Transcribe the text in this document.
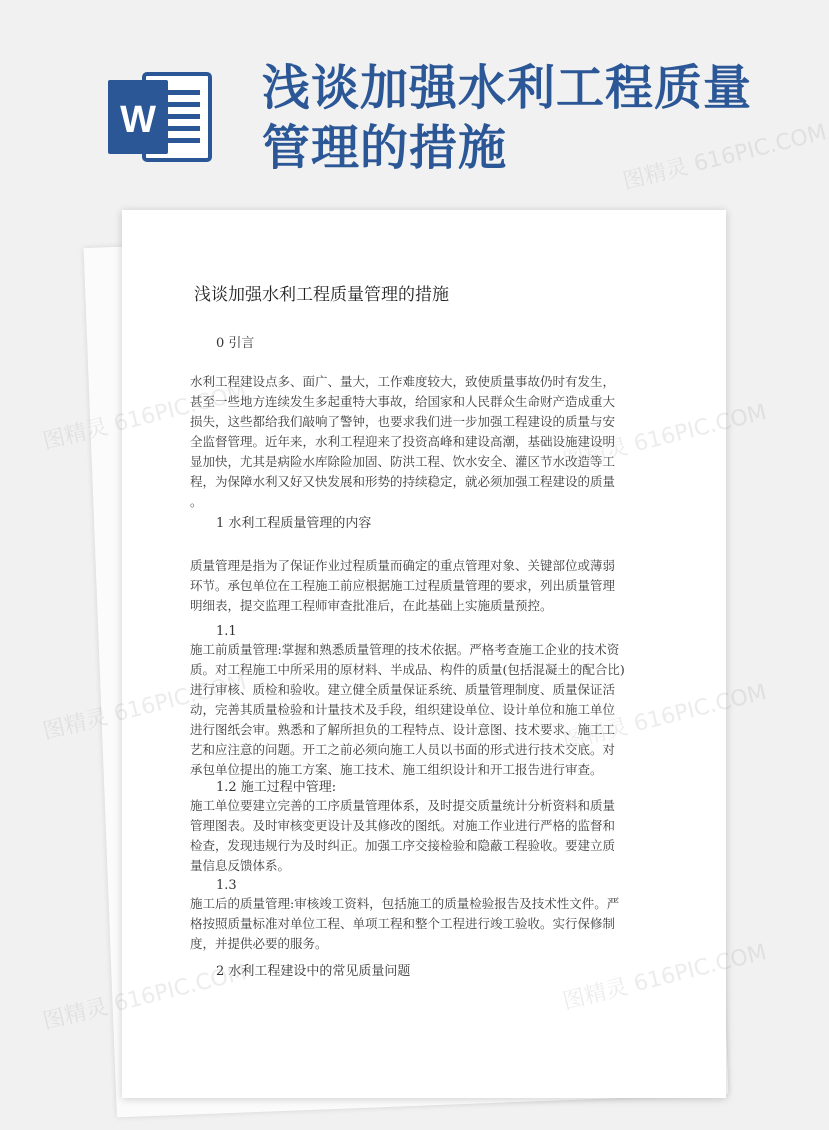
W
浅谈加强水利工程质量
管理的措施
浅谈加强水利工程质量管理的措施
0 引言
水利工程建设点多、面广、量大，工作难度较大，致使质量事故仍时有发生，
甚至一些地方连续发生多起重特大事故，给国家和人民群众生命财产造成重大
损失，这些都给我们敲响了警钟，也要求我们进一步加强工程建设的质量与安
全监督管理。近年来，水利工程迎来了投资高峰和建设高潮，基础设施建设明
显加快，尤其是病险水库除险加固、防洪工程、饮水安全、灌区节水改造等工
程，为保障水利又好又快发展和形势的持续稳定，就必须加强工程建设的质量
。
1 水利工程质量管理的内容
质量管理是指为了保证作业过程质量而确定的重点管理对象、关键部位或薄弱
环节。承包单位在工程施工前应根据施工过程质量管理的要求，列出质量管理
明细表，提交监理工程师审查批准后，在此基础上实施质量预控。
1.1
施工前质量管理:掌握和熟悉质量管理的技术依据。严格考查施工企业的技术资
质。对工程施工中所采用的原材料、半成品、构件的质量(包括混凝土的配合比)
进行审核、质检和验收。建立健全质量保证系统、质量管理制度、质量保证活
动，完善其质量检验和计量技术及手段，组织建设单位、设计单位和施工单位
进行图纸会审。熟悉和了解所担负的工程特点、设计意图、技术要求、施工工
艺和应注意的问题。开工之前必须向施工人员以书面的形式进行技术交底。对
承包单位提出的施工方案、施工技术、施工组织设计和开工报告进行审查。
1.2 施工过程中管理:
施工单位要建立完善的工序质量管理体系，及时提交质量统计分析资料和质量
管理图表。及时审核变更设计及其修改的图纸。对施工作业进行严格的监督和
检查，发现违规行为及时纠正。加强工序交接检验和隐蔽工程验收。要建立质
量信息反馈体系。
1.3
施工后的质量管理:审核竣工资料，包括施工的质量检验报告及技术性文件。严
格按照质量标准对单位工程、单项工程和整个工程进行竣工验收。实行保修制
度，并提供必要的服务。
2 水利工程建设中的常见质量问题
图精灵
图精灵
图精灵
图精灵 616PIC.COM
